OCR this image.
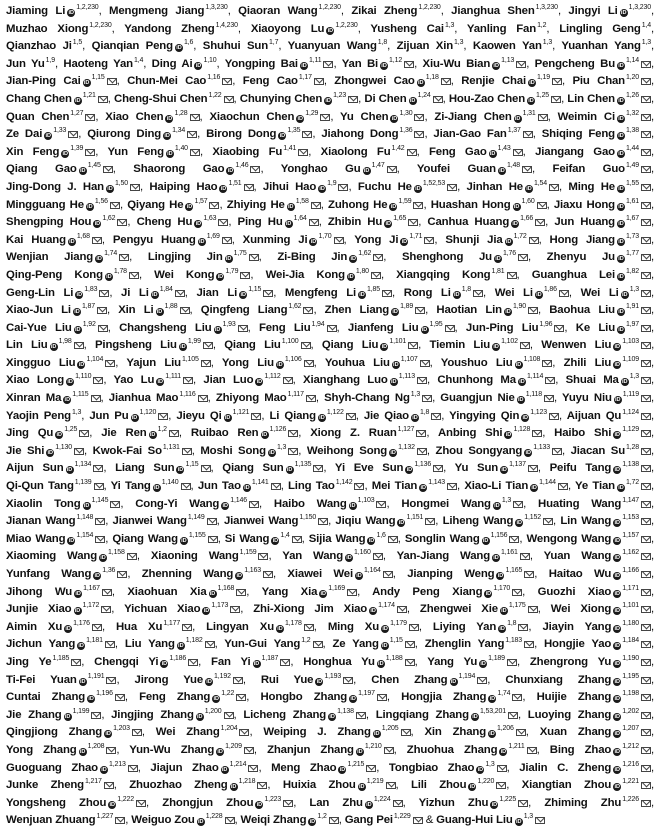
Jiaming Li iD$^{1,2,230}$, Mengmeng Jiang$^{1,3,230}$, Qiaoran Wang$^{1,2,230}$, Zikai Zheng$^{1,2,230}$, Jianghua Shen$^{1,3,230}$, Jingyi Li iD$^{1,3,230}$, Muzhao Xiong$^{1,2,230}$, Yandong Zheng$^{1,4,230}$, Xiaoyong Lu iD$^{1,2,230}$, Yusheng Cai$^{1,3}$, Yanling Fan$^{1,2}$, Lingling Geng$^{1,4}$, Qianzhao Ji$^{1,5}$, Qianqian Peng iD$^{1,6}$, Shuhui Sun$^{1,7}$, Yuanyuan Wang$^{1,8}$, Zijuan Xin$^{1,3}$, Kaowen Yan$^{1,3}$, Yuanhan Yang$^{1,3}$, Jun Yu$^{1,9}$, Haoteng Yan$^{1,4}$, Ding Ai iD$^{1,10}$, Yongping Bai iD$^{1,11}$ , Yan Bi iD$^{1,12}$ , Xiu-Wu Bian iD$^{1,13}$ , Pengcheng Bu iD$^{1,14}$ , Jian-Ping Cai iD$^{1,15}$ , Chun-Mei Cao$^{1,16}$ , Feng Cao$^{1,17}$ , Zhongwei Cao iD$^{1,18}$ , Renjie Chai iD$^{1,19}$ , Piu Chan$^{1,20}$ , Chang Chen iD$^{1,21}$ , Cheng-Shui Chen$^{1,22}$ , Chunying Chen iD$^{1,23}$ , Di Chen iD$^{1,24}$ , Hou-Zao Chen iD$^{1,25}$ , Lin Chen iD$^{1,26}$ , Quan Chen$^{1,27}$ , Xiao Chen iD$^{1,28}$ , Xiaochun Chen iD$^{1,29}$ , Yu Chen iD$^{1,30}$ , Zi-Jiang Chen iD$^{1,31}$ , Weimin Ci iD$^{1,32}$ , Ze Dai iD$^{1,33}$ , Qiurong Ding iD$^{1,34}$ , Birong Dong iD$^{1,35}$ , Jiahong Dong$^{1,36}$ , Jian-Gao Fan$^{1,37}$ , Shiqing Feng iD$^{1,38}$ , Xin Feng iD$^{1,39}$ , Yun Feng iD$^{1,40}$ , Xiaobing Fu$^{1,41}$ , Xiaolong Fu$^{1,42}$ , Feng Gao iD$^{1,43}$ , Jiangang Gao iD$^{1,44}$ , Qiang Gao iD$^{1,45}$ , Shaorong Gao iD$^{1,46}$ , Yonghao Gu iD$^{1,47}$ , Youfei Guan iD$^{1,48}$ , Feifan Guo$^{1,49}$ , Jing-Dong J. Han iD$^{1,50}$ , Haiping Hao iD$^{1,51}$ , Jihui Hao iD$^{1,9}$ , Fuchu He iD$^{1,52,53}$ , Jinhan He iD$^{1,54}$ , Ming He iD$^{1,55}$ , Mingguang He iD$^{1,56}$ , Qiyang He iD$^{1,57}$ , Zhiying He iD$^{1,58}$ , Zuhong He iD$^{1,59}$ , Huashan Hong iD$^{1,60}$ , Jiaxu Hong iD$^{1,61}$ , Shengping Hou iD$^{1,62}$ , Cheng Hu iD$^{1,63}$ , Ping Hu iD$^{1,64}$ , Zhibin Hu iD$^{1,65}$ , Canhua Huang iD$^{1,66}$ , Jun Huang iD$^{1,67}$ , Kai Huang iD$^{1,68}$ , Pengyu Huang iD$^{1,69}$ , Xunming Ji iD$^{1,70}$ , Yong Ji iD$^{1,71}$ , Shunji Jia iD$^{1,72}$ , Hong Jiang iD$^{1,73}$ , Wenjian Jiang iD$^{1,74}$ , Lingjing Jin iD$^{1,75}$ , Zi-Bing Jin iD$^{1,62}$ , Shenghong Ju iD$^{1,76}$ , Zhenyu Ju iD$^{1,77}$ , Qing-Peng Kong iD$^{1,78}$ , Wei Kong iD$^{1,79}$ , Wei-Jia Kong iD$^{1,80}$ , Xiangqing Kong$^{1,81}$ , Guanghua Lei iD$^{1,82}$ , Geng-Lin Li iD$^{1,83}$ , Ji Li iD$^{1,84}$ , Jian Li iD$^{1,15}$ , Mengfeng Li iD$^{1,85}$ , Rong Li iD$^{1,8}$ , Wei Li iD$^{1,86}$ , Wei Li iD$^{1,3}$ , Xiao-Jun Li iD$^{1,87}$ , Xin Li iD$^{1,88}$ , Qingfeng Liang$^{1,62}$ , Zhen Liang iD$^{1,89}$ , Haotian Lin iD$^{1,90}$ , Baohua Liu iD$^{1,91}$ , Cai-Yue Liu iD$^{1,92}$ , Changsheng Liu iD$^{1,93}$ , Feng Liu$^{1,94}$ , Jianfeng Liu iD$^{1,95}$ , Jun-Ping Liu$^{1,96}$ , Ke Liu iD$^{1,97}$ , Lin Liu iD$^{1,98}$ , Pingsheng Liu iD$^{1,99}$ , Qiang Liu$^{1,100}$ , Qiang Liu iD$^{1,101}$ , Tiemin Liu iD$^{1,102}$ , Wenwen Liu iD$^{1,103}$ , Xingguo Liu iD$^{1,104}$ , Yajun Liu$^{1,105}$ , Yong Liu iD$^{1,106}$ , Youhua Liu iD$^{1,107}$ , Youshuo Liu iD$^{1,108}$ , Zhili Liu iD$^{1,109}$ , Xiao Long iD$^{1,110}$ , Yao Lu iD$^{1,111}$ , Jian Luo iD$^{1,112}$ , Xianghang Luo iD$^{1,113}$ , Chunhong Ma iD$^{1,114}$ , Shuai Ma iD$^{1,3}$ , Xinran Ma iD$^{1,115}$ , Jianhua Mao$^{1,116}$ , Zhiyong Mao$^{1,117}$ , Shyh-Chang Ng$^{1,3}$ , Guangjun Nie iD$^{1,118}$ , Yuyu Niu iD$^{1,119}$ , Yaojin Peng$^{1,3}$, Jun Pu iD$^{1,120}$ , Jieyu Qi iD$^{1,121}$ , Li Qiang iD$^{1,122}$ , Jie Qiao iD$^{1,8}$ , Yingying Qin iD$^{1,123}$ , Aijuan Qu$^{1,124}$ , Jing Qu iD$^{1,25}$ , Jie Ren iD$^{1,2}$ , Ruibao Ren iD$^{1,126}$ , Xiong Z. Ruan$^{1,127}$ , Anbing Shi iD$^{1,128}$ , Haibo Shi iD$^{1,129}$ , Jie Shi iD$^{1,130}$ , Kwok-Fai So$^{1,131}$ , Moshi Song iD$^{1,3}$ , Weihong Song iD$^{1,132}$ , Zhou Songyang iD$^{1,133}$ , Jiacan Su$^{1,28}$ , Aijun Sun iD$^{1,134}$ , Liang Sun iD$^{1,15}$ , Qiang Sun iD$^{1,135}$ , Yi Eve Sun iD$^{1,136}$ , Yu Sun iD$^{1,137}$ , Peifu Tang iD$^{1,138}$ , Qi-Qun Tang$^{1,139}$ , Yi Tang iD$^{1,140}$ , Jun Tao iD$^{1,141}$ , Ling Tao$^{1,142}$ , Mei Tian iD$^{1,143}$ , Xiao-Li Tian iD$^{1,144}$ , Ye Tian iD$^{1,72}$ , Xiaolin Tong iD$^{1,145}$ , Cong-Yi Wang iD$^{1,146}$ , Haibo Wang iD$^{1,103}$ , Hongmei Wang iD$^{1,3}$ , Huating Wang$^{1,147}$ , Jianan Wang$^{1,148}$ , Jianwei Wang$^{1,149}$ , Jianwei Wang$^{1,150}$ , Jiqiu Wang iD$^{1,151}$ , Liheng Wang iD$^{1,152}$ , Lin Wang iD$^{1,153}$ , Miao Wang iD$^{1,154}$ , Qiang Wang iD$^{1,155}$ , Si Wang iD$^{1,4}$ , Sijia Wang iD$^{1,6}$ , Songlin Wang iD$^{1,156}$ , Wengong Wang iD$^{1,157}$ , Xiaoming Wang iD$^{1,158}$ , Xiaoning Wang$^{1,159}$ , Yan Wang iD$^{1,160}$ , Yan-Jiang Wang iD$^{1,161}$ , Yuan Wang iD$^{1,162}$ , Yunfang Wang iD$^{1,36}$ , Zhenning Wang iD$^{1,163}$ , Xiawei Wei iD$^{1,164}$ , Jianping Weng iD$^{1,165}$ , Haitao Wu iD$^{1,166}$ , Jihong Wu iD$^{1,167}$ , Xiaohuan Xia iD$^{1,168}$ , Yang Xia iD$^{1,169}$ , Andy Peng Xiang iD$^{1,170}$ , Guozhi Xiao iD$^{1,171}$ , Junjie Xiao iD$^{1,172}$ , Yichuan Xiao iD$^{1,173}$ , Zhi-Xiong Jim Xiao iD$^{1,174}$ , Zhengwei Xie iD$^{1,175}$ , Wei Xiong iD$^{1,101}$ , Aimin Xu iD$^{1,176}$ , Hua Xu$^{1,177}$ , Lingyan Xu iD$^{1,178}$ , Ming Xu iD$^{1,179}$ , Liying Yan iD$^{1,8}$ , Jiayin Yang iD$^{1,180}$ , Jichun Yang iD$^{1,181}$ , Liu Yang iD$^{1,182}$ , Yun-Gui Yang$^{1,2}$ , Ze Yang iD$^{1,15}$ , Zhenglin Yang$^{1,183}$ , Hongjie Yao iD$^{1,184}$ , Jing Ye$^{1,185}$ , Chengqi Yi iD$^{1,186}$ , Fan Yi iD$^{1,187}$ , Honghua Yu iD$^{1,188}$ , Yang Yu iD$^{1,189}$ , Zhengrong Yu iD$^{1,190}$ , Ti-Fei Yuan iD$^{1,191}$ , Jirong Yue iD$^{1,192}$ , Rui Yue iD$^{1,193}$ , Chen Zhang iD$^{1,194}$ , Chunxiang Zhang iD$^{1,195}$ , Cuntai Zhang iD$^{1,196}$ , Feng Zhang iD$^{1,22}$ , Hongbo Zhang iD$^{1,197}$ , Hongjia Zhang iD$^{1,74}$ , Huijie Zhang iD$^{1,198}$ , Jie Zhang iD$^{1,199}$ , Jingjing Zhang iD$^{1,200}$ , Licheng Zhang iD$^{1,138}$ , Lingqiang Zhang iD$^{1,53,201}$ , Luoying Zhang iD$^{1,202}$ , Qingjiong Zhang iD$^{1,203}$ , Wei Zhang$^{1,204}$ , Weiping J. Zhang iD$^{1,205}$ , Xin Zhang iD$^{1,206}$ , Xuan Zhang iD$^{1,207}$ , Yong Zhang iD$^{1,208}$ , Yun-Wu Zhang iD$^{1,209}$ , Zhanjun Zhang iD$^{1,210}$ , Zhuohua Zhang iD$^{1,211}$ , Bing Zhao iD$^{1,212}$ , Guoguang Zhao iD$^{1,213}$ , Jiajun Zhao iD$^{1,214}$ , Meng Zhao iD$^{1,215}$ , Tongbiao Zhao iD$^{1,3}$ , Jialin C. Zheng iD$^{1,216}$ , Junke Zheng$^{1,217}$ , Zhuozhao Zheng iD$^{1,218}$ , Huixia Zhou iD$^{1,219}$ , Lili Zhou iD$^{1,220}$ , Xiangtian Zhou iD$^{1,221}$ , Yongsheng Zhou iD$^{1,222}$ , Zhongjun Zhou iD$^{1,223}$ , Lan Zhu iD$^{1,224}$ , Yizhun Zhu iD$^{1,225}$ , Zhiming Zhu$^{1,226}$ , Wenjuan Zhuang$^{1,227}$ , Weiguo Zou iD$^{1,228}$ , Weiqi Zhang iD$^{1,2}$ , Gang Pei$^{1,229}$ & Guang-Hui Liu iD$^{1,3}$
